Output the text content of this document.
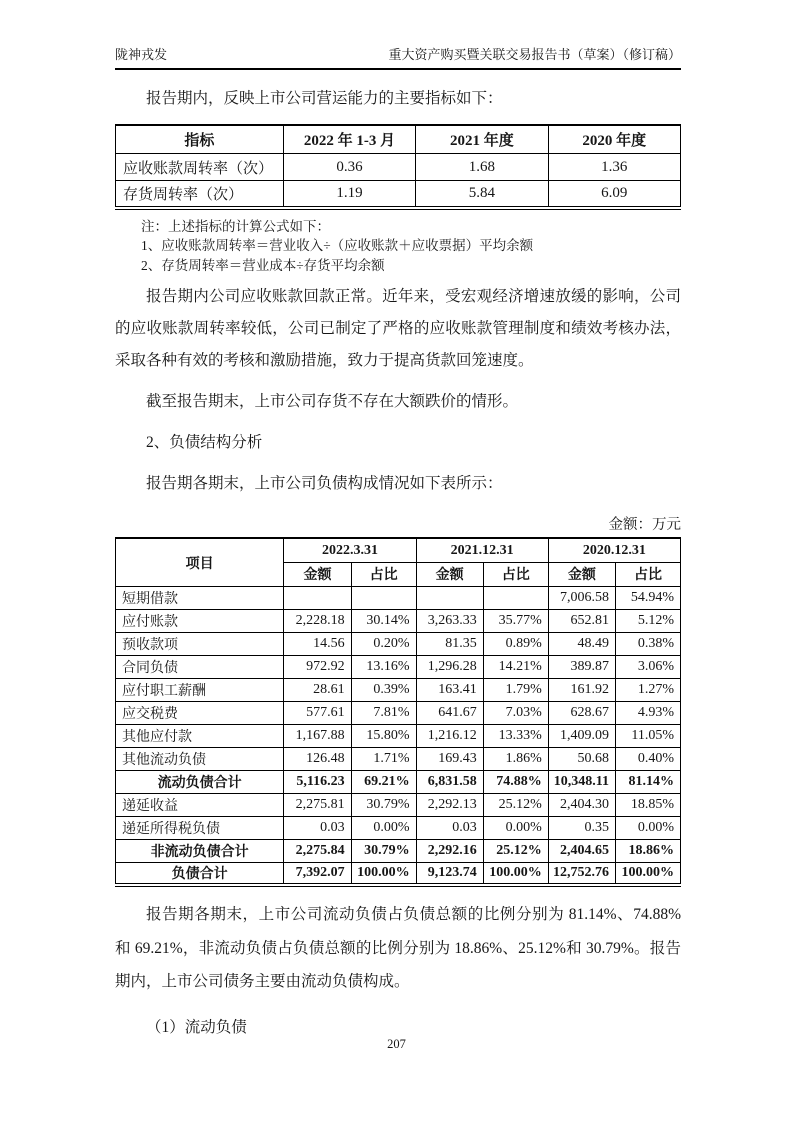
陇神戎发	重大资产购买暨关联交易报告书（草案）（修订稿）

报告期内，反映上市公司营运能力的主要指标如下：

指标	2022 年 1-3 月	2021 年度	2020 年度
应收账款周转率（次）	0.36	1.68	1.36
存货周转率（次）	1.19	5.84	6.09
注：上述指标的计算公式如下：
1、应收账款周转率＝营业收入÷（应收账款＋应收票据）平均余额
2、存货周转率＝营业成本÷存货平均余额

报告期内公司应收账款回款正常。近年来，受宏观经济增速放缓的影响，公司的应收账款周转率较低，公司已制定了严格的应收账款管理制度和绩效考核办法，采取各种有效的考核和激励措施，致力于提高货款回笼速度。

截至报告期末，上市公司存货不存在大额跌价的情形。

2、负债结构分析

报告期各期末，上市公司负债构成情况如下表所示：

金额：万元
项目	2022.3.31		2021.12.31		2020.12.31	
	金额	占比	金额	占比	金额	占比
短期借款					7,006.58	54.94%
应付账款	2,228.18	30.14%	3,263.33	35.77%	652.81	5.12%
预收款项	14.56	0.20%	81.35	0.89%	48.49	0.38%
合同负债	972.92	13.16%	1,296.28	14.21%	389.87	3.06%
应付职工薪酬	28.61	0.39%	163.41	1.79%	161.92	1.27%
应交税费	577.61	7.81%	641.67	7.03%	628.67	4.93%
其他应付款	1,167.88	15.80%	1,216.12	13.33%	1,409.09	11.05%
其他流动负债	126.48	1.71%	169.43	1.86%	50.68	0.40%
流动负债合计	5,116.23	69.21%	6,831.58	74.88%	10,348.11	81.14%
递延收益	2,275.81	30.79%	2,292.13	25.12%	2,404.30	18.85%
递延所得税负债	0.03	0.00%	0.03	0.00%	0.35	0.00%
非流动负债合计	2,275.84	30.79%	2,292.16	25.12%	2,404.65	18.86%
负债合计	7,392.07	100.00%	9,123.74	100.00%	12,752.76	100.00%

报告期各期末，上市公司流动负债占负债总额的比例分别为 81.14%、74.88% 和 69.21%，非流动负债占负债总额的比例分别为 18.86%、25.12%和 30.79%。报告期内，上市公司债务主要由流动负债构成。

（1）流动负债
207
